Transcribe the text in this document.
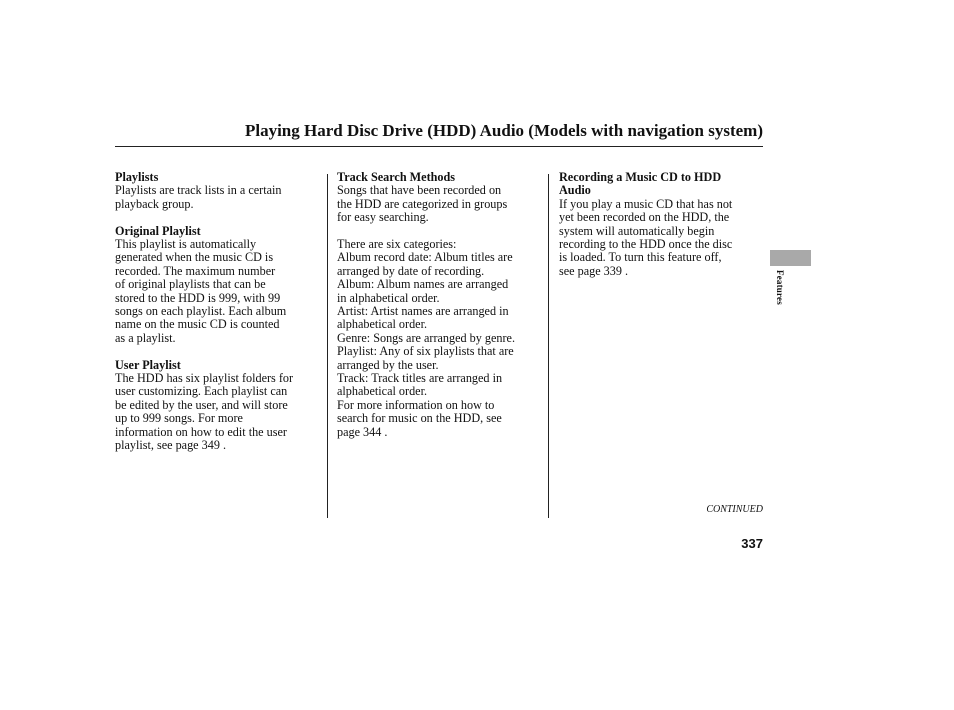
Playing Hard Disc Drive (HDD) Audio (Models with navigation system)
Playlists

Playlists are track lists in a certain

playback group.

Original Playlist

This playlist is automatically

generated when the music CD is

recorded. The maximum number

of original playlists that can be

stored to the HDD is 999, with 99

songs on each playlist. Each album

name on the music CD is counted

as a playlist.

User Playlist

The HDD has six playlist folders for

user customizing. Each playlist can

be edited by the user, and will store

up to 999 songs. For more

information on how to edit the user

playlist, see page 349 .

Track Search Methods

Songs that have been recorded on

the HDD are categorized in groups

for easy searching.

There are six categories:

Album record date: Album titles are

arranged by date of recording.

Album: Album names are arranged

in alphabetical order.

Artist: Artist names are arranged in

alphabetical order.

Genre: Songs are arranged by genre.

Playlist: Any of six playlists that are

arranged by the user.

Track: Track titles are arranged in

alphabetical order.

For more information on how to

search for music on the HDD, see

page 344 .

Recording a Music CD to HDD
Audio

If you play a music CD that has not

yet been recorded on the HDD, the

system will automatically begin

recording to the HDD once the disc

is loaded. To turn this feature off,

see page 339 .	Features
CONTINUED
337
